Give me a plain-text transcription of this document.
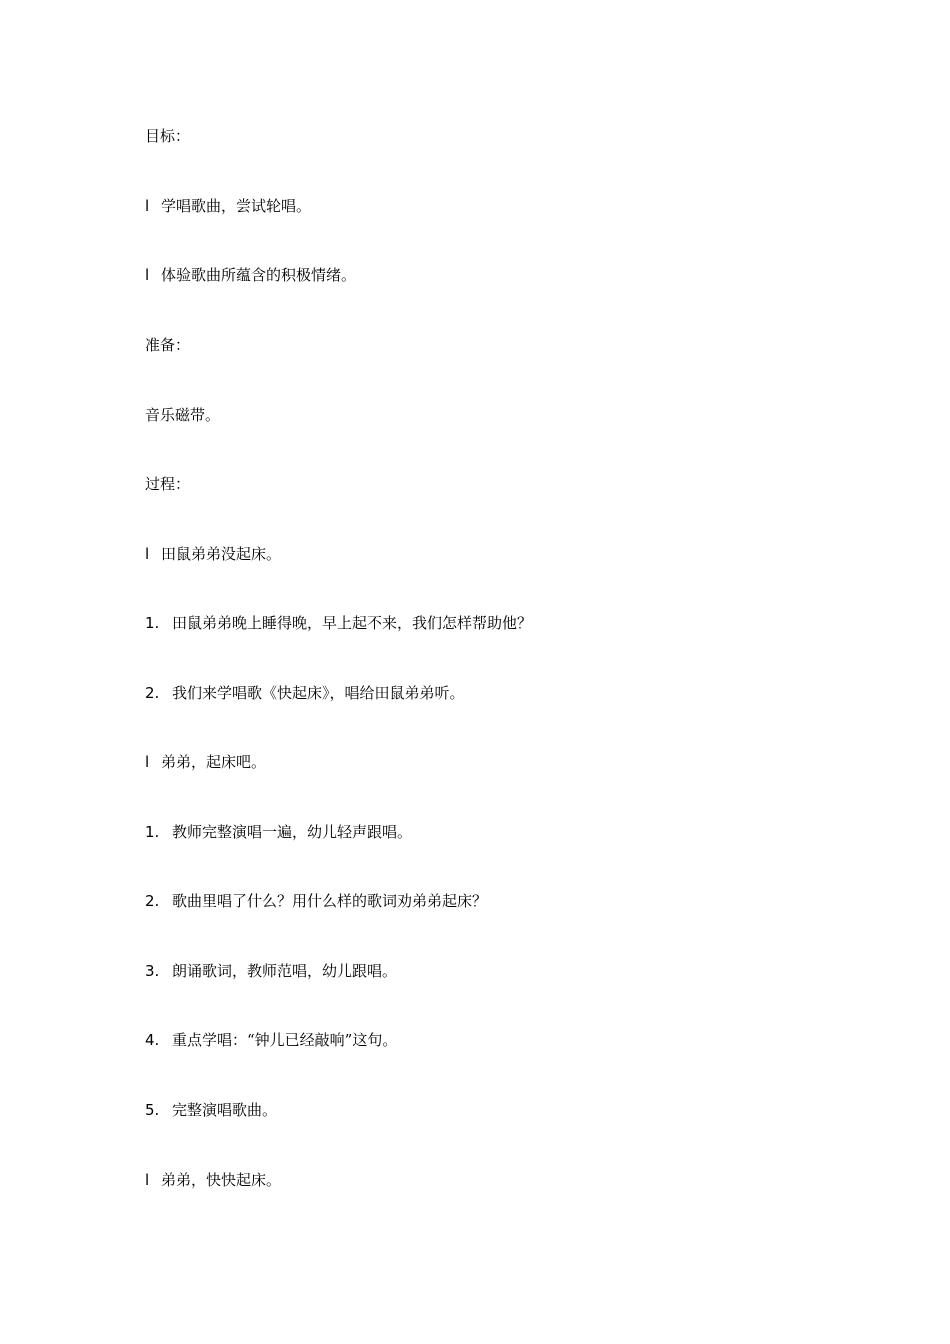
目标：
l 学唱歌曲，尝试轮唱。
l 体验歌曲所蕴含的积极情绪。
准备：
音乐磁带。
过程：
l 田鼠弟弟没起床。
1. 田鼠弟弟晚上睡得晚，早上起不来，我们怎样帮助他？
2. 我们来学唱歌《快起床》，唱给田鼠弟弟听。
l 弟弟，起床吧。
1. 教师完整演唱一遍，幼儿轻声跟唱。
2. 歌曲里唱了什么？用什么样的歌词劝弟弟起床？
3. 朗诵歌词，教师范唱，幼儿跟唱。
4. 重点学唱：“钟儿已经敲响”这句。
5. 完整演唱歌曲。
l 弟弟，快快起床。
